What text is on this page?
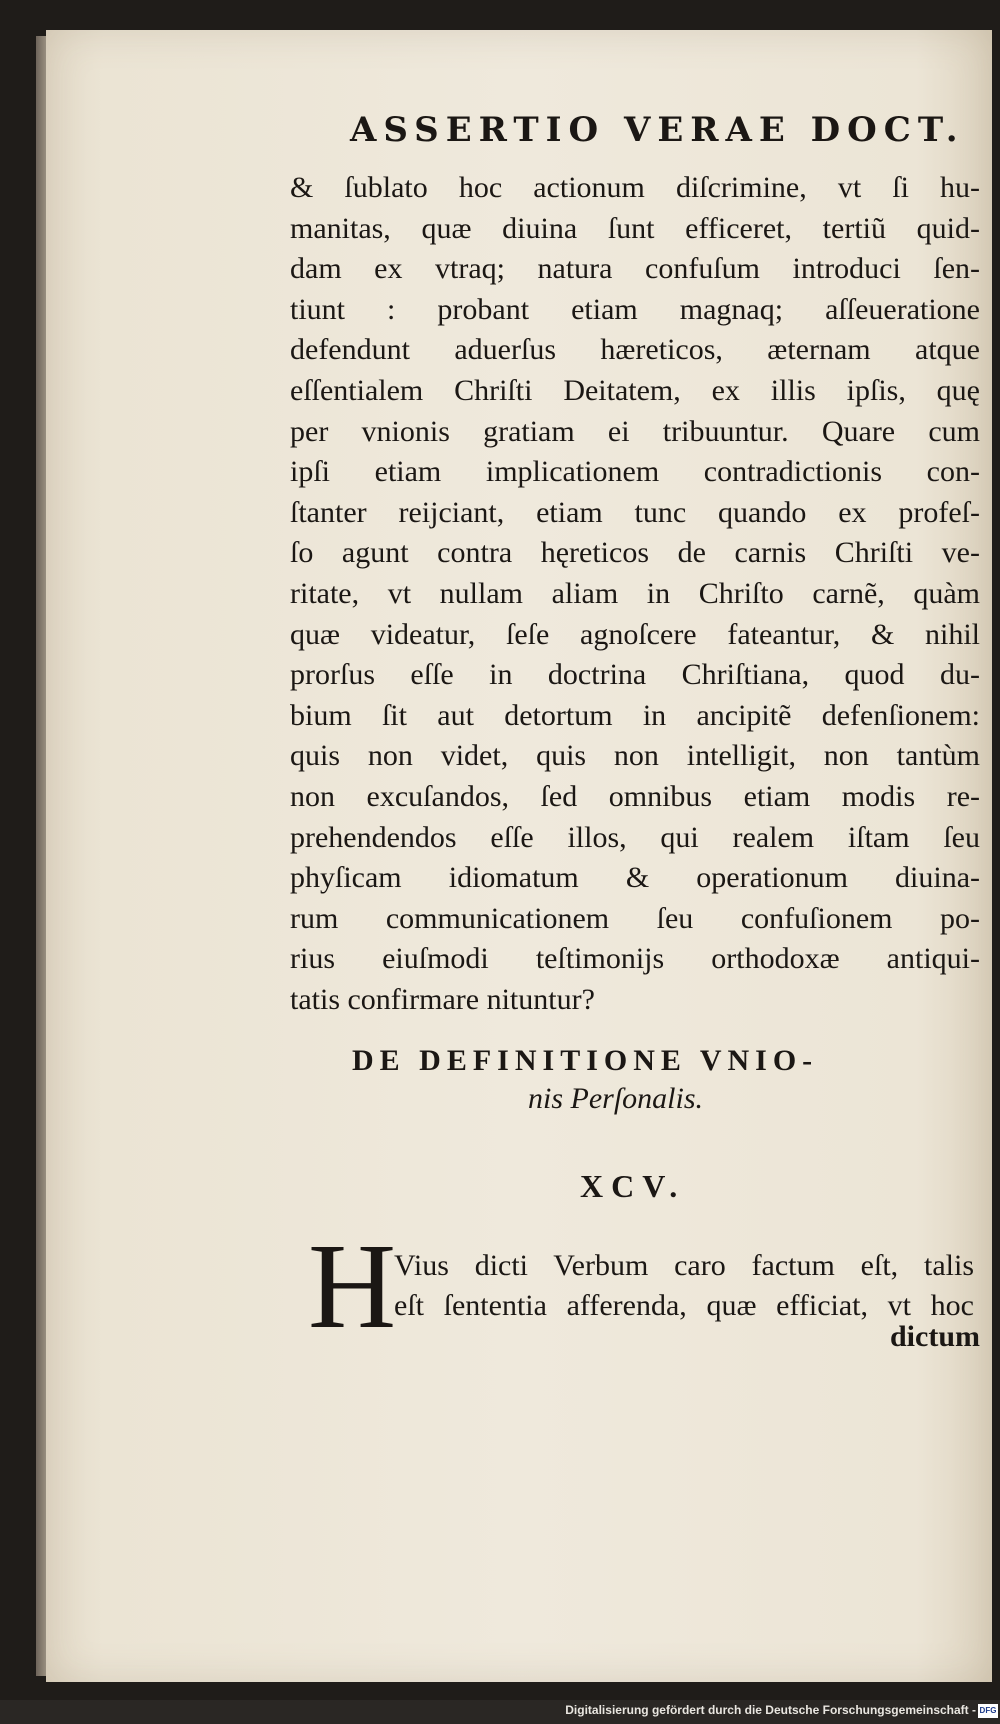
ASSERTIO VERAE DOCT.
& ſublato hoc actionum diſcrimine, vt ſi hu-
manitas, quæ diuina ſunt efficeret, tertiũ quid-
dam ex vtraq; natura confuſum introduci ſen-
tiunt : probant etiam magnaq; aſſeueratione
defendunt aduerſus hæreticos, æternam atque
eſſentialem Chriſti Deitatem, ex illis ipſis, quę
per vnionis gratiam ei tribuuntur. Quare cum
ipſi etiam implicationem contradictionis con-
ſtanter reijciant, etiam tunc quando ex profeſ-
ſo agunt contra hęreticos de carnis Chriſti ve-
ritate, vt nullam aliam in Chriſto carnẽ, quàm
quæ videatur, ſeſe agnoſcere fateantur, & nihil
prorſus eſſe in doctrina Chriſtiana, quod du-
bium ſit aut detortum in ancipitẽ defenſionem:
quis non videt, quis non intelligit, non tantùm
non excuſandos, ſed omnibus etiam modis re-
prehendendos eſſe illos, qui realem iſtam ſeu
phyſicam idiomatum & operationum diuina-
rum communicationem ſeu confuſionem po-
rius eiuſmodi teſtimonijs orthodoxæ antiqui-
tatis confirmare nituntur?
DE DEFINITIONE VNIO-
nis Perſonalis.
XCV.
H
Vius dicti Verbum caro factum eſt, talis
eſt ſententia afferenda, quæ efficiat, vt hoc
dictum
Digitalisierung gefördert durch die Deutsche Forschungsgemeinschaft - DFG
